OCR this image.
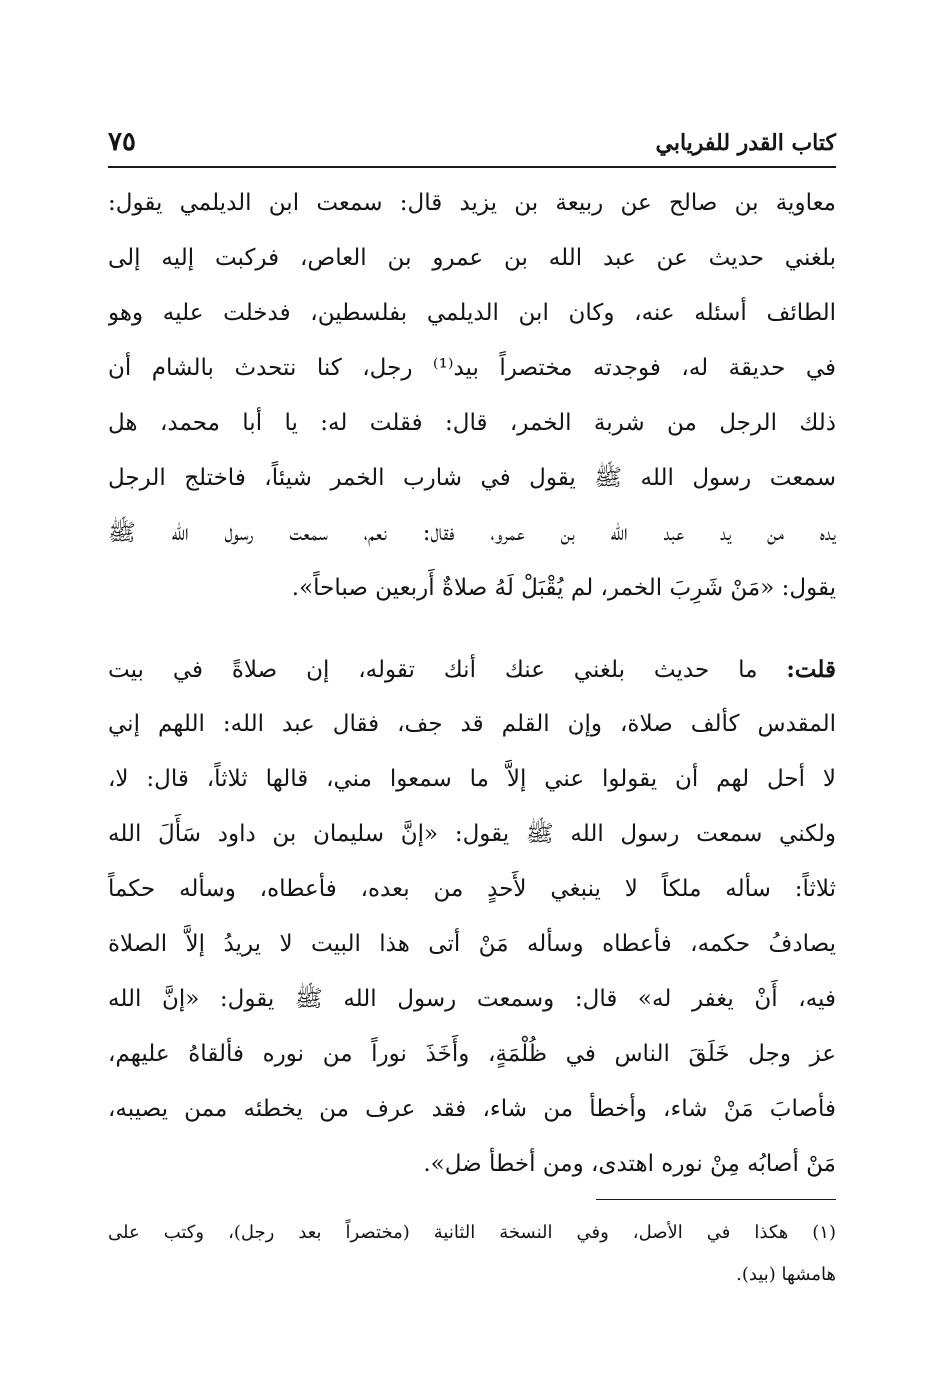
كتاب القدر للفريابي
٧٥
معاوية بن صالح عن ربيعة بن يزيد قال: سمعت ابن الديلمي يقول:
بلغني حديث عن عبد الله بن عمرو بن العاص، فركبت إليه إلى
الطائف أسئله عنه، وكان ابن الديلمي بفلسطين، فدخلت عليه وهو
في حديقة له، فوجدته مختصراً بيد⁽¹⁾ رجل، كنا نتحدث بالشام أن
ذلك الرجل من شربة الخمر، قال: فقلت له: يا أبا محمد، هل
سمعت رسول الله ﷺ يقول في شارب الخمر شيئاً، فاختلج الرجل
يده من يد عبد الله بن عمرو، فقال: نعم، سمعت رسول الله ﷺ
يقول: «مَنْ شَرِبَ الخمر، لم يُقْبَلْ لَهُ صلاةٌ أَربعين صباحاً».
قلت: ما حديث بلغني عنك أنك تقوله، إن صلاةً في بيت
المقدس كألف صلاة، وإن القلم قد جف، فقال عبد الله: اللهم إني
لا أحل لهم أن يقولوا عني إلاَّ ما سمعوا مني، قالها ثلاثاً، قال: لا،
ولكني سمعت رسول الله ﷺ يقول: «إنَّ سليمان بن داود سَأَلَ الله
ثلاثاً: سأله ملكاً لا ينبغي لأَحدٍ من بعده، فأعطاه، وسأله حكماً
يصادفُ حكمه، فأعطاه وسأله مَنْ أتى هذا البيت لا يريدُ إلاَّ الصلاة
فيه، أَنْ يغفر له» قال: وسمعت رسول الله ﷺ يقول: «إنَّ الله
عز وجل خَلَقَ الناس في ظُلْمَةٍ، وأَخَذَ نوراً من نوره فألقاهُ عليهم،
فأصابَ مَنْ شاء، وأخطأ من شاء، فقد عرف من يخطئه ممن يصيبه،
مَنْ أصابُه مِنْ نوره اهتدى، ومن أخطأ ضل».
(١) هكذا في الأصل، وفي النسخة الثانية (مختصراً بعد رجل)، وكتب على
هامشها (بيد).
